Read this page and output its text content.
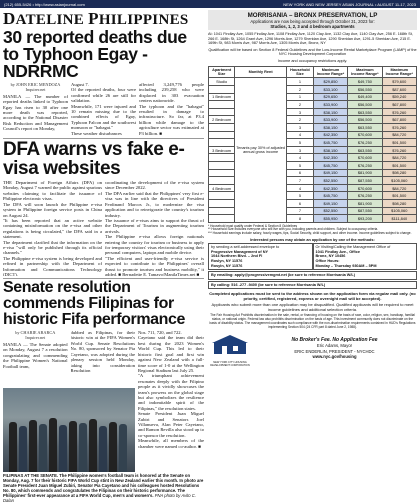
(212) 655-5426 • http://www.asianjournal.com	NEW YORK AND NEW JERSEY ASIAN JOURNAL • AUGUST 11-17, 2023
DATELINE PHILIPPINES
30 reported deaths due to Typhoon Egay - NDRRMC
by JOHN ERIC MENDOZA
Inquirer.net
MANILA — The number of reported deaths linked to Typhoon Egay has risen to 30 after one more death was reported, according to the National Disaster Risk Reduction and Management Council's report on Monday,
August 7.
Of the reported deaths, four were confirmed while 26 are still for validation.
Meanwhile, 171 were injured and 10 remain missing due to the combined effects of Egay, Typhoon Falcon and the southwest monsoon or "habagat."
These weather disturbances
affected 3,249,776 people including 239,258 who were displaced in 303 evacuation centers nationwide.
The typhoon and the "habagat" resulted in damage to infrastructure. So far, at P3.4 billion while damage to the agriculture sector was estimated at P3 billion. ■
DFA warns vs fake e-visa websites
THE Department of Foreign Affairs (DFA) on Monday, August 7 warned the public against spurious websites claiming to facilitate the issuance of Philippine electronic visas.
The DFA will soon launch the Philippine e-visa system in Philippine foreign service posts in China on August 24.
"It has been reported that an active website containing misinformation on the e-visa and other regulations is being circulated," the DFA said in a statement.
The department clarified that the information on the e-visa "will only be published through its official channels."
The Philippine e-visa system is being developed and refined in partnership with the Department of Information and Communications Technology (DICT).

coordinating the development of the e-visa system since December 2022.
The DFA earlier said that the Philippines' very first e-visa was in line with the directives of President Ferdinand Marcos Jr., to modernize the visa application and to reinvigorate the country's tourism industry.
The issuance of e-visas aims to support the thrust of the Department of Tourism in augmenting tourism arrivals.
The Philippine e-visa allows foreign nationals entering the country for tourism or business to apply for temporary visitors' visas electronically using their personal computers, laptops and mobile device.
"The efficient and user-friendly e-visa service is expected to contribute to the Philippines' overall thrust to promote tourism and business mobility," it added. ■ Bernadette E. Tamayo/ManilaTimes.net ■
Senate resolution commends Filipinas for historic Fifa performance
by CHARIE ABARCA
Inquirer.net
MANILA — The Senate adopted on Monday, August 7 a resolution congratulating and commending the Philippine Women's National Football team,
dubbed as Filipinas, for their historic win at the FIFA Women's World Cup. Senate Resolutions No. 80, sponsored by Senator Pia Cayetano, was adopted during the plenary session held Monday, taking into consideration Resolution
Nos. 711, 720, and 722.
Cayetano said the team did their best during the 2023 Women's World Cup. This led to their historic first goal and first win against New Zealand with a full-time score of 1-0 at the Wellington Regional Stadium last July 25.
"A triumphant achievement resonates deeply with the Filipino people as it vividly showcases the team's prowess on the global stage but also symbolizes the resilience and indomitable spirit of the Filipinas," the resolution states.
Senate President Juan Miguel Zubiri and Senators Joel Villanueva, Alan Peter Cayetano, and Ramon Revilla also stood up to co-sponsor the resolution.
Meanwhile, all members of the chamber were named co-author. ■
FILIPINAS AT THE SENATE. The Philippine women's football team is honored at the Senate on Monday, Aug. 7 for their historic FIFA World Cup stint in New Zealand earlier this month. In photo are Senate President Juan Miguel Zubiri, Senator Pia Cayetano and his colleagues hosted Resolutions No. 80, which commends and congratulates the Filipinas on their historic performance. The Philippines' first-ever appearance at a FIFA World Cup, men's and women's. PNA photo by Avito C. Dalan
MORRISANIA – BRONX PRESERVATION, LP
Applications are now being accepted through October 31, 2023 for:
Studios, 1, 2, 3 and 4 bedroom apartments
At: 1041 Findlay Ave, 1055 Findlay Ave, 1108 Findlay Ave, 1120 Clay Ave, 1132 Clay Ave, 1140 Clay Ave, 256 E. 168th St, 266 E. 168th St, 1264 Grant Ave, 1296 Morris Ave, 1279 Sheridan Ave, 1290 Sheridan Ave, 1291-5 Sheridan Ave, 215 E. 169th St, 983 Morris Ave, 987 Morris Ave, 1305 Morris Ave, Bronx, NY
Qualification will be based on Section 8 Federal Guidelines and the Low-Income Rental Marketplace Program (LAMP) of the NYC Housing Development Corporation
Income and occupancy restrictions apply.
Apartment Size	Monthly Rent	Household Size	Maximum Income Range*	Maximum Income Range*	Maximum Income Range*
Studio	Tenants pay 30% of adjusted annual gross income	1	$29,850	$49,750	$79,600
		2	$33,100	$56,550	$87,600
1 Bedroom		1	$29,650	$49,400	$59,240
		2	$33,900	$56,500	$67,800
		3	$38,150	$63,550	$76,260
2 Bedroom		2	$33,900	$56,500	$67,800
		3	$38,150	$63,550	$76,260
		4	$42,350	$70,600	$84,720
		5	$45,750	$76,250	$91,500
3 Bedroom		3	$38,150	$63,550	$76,260
		4	$42,350	$70,600	$84,720
		5	$45,750	$76,250	$91,500
		6	$49,150	$81,900	$98,280
		7	$52,550	$87,550	$105,060
4 Bedroom		4	$42,350	$70,600	$84,720
		5	$45,750	$76,250	$91,500
		6	$49,150	$81,900	$98,280
		7	$52,550	$87,550	$105,060
		8	$55,950	$93,200	$111,840
* Household must qualify under Federal & Section 8 Guidelines
** Household Size includes everyone who will live with you, including parents and children. Subject to occupancy criteria.
*** Household earnings include salary, hourly wages, tips, Social Security, child support, and other income. Income guidelines subject to change.
Interested persons may obtain an application by one of the methods:
by sending a self-addressed envelope to
Progressive Management of NY
1044 Northern Blvd. – 2nd Fl
Roslyn, NY 11576
Rosyln, NY 11576
Or Visiting/Calling the Management Office of
1041 Findlay Ave., Office
Bronx, NY 10456
Office Hours:
Monday – Thursday 930AM – 5PM
By emailing: apply@progressivemgmt.net (be sure to reference Morrisania W/L)
By calling: 516 -277 -9400 (be sure to reference Morrisania W/L)
Completed applications must be sent to the address shown on the application form via regular mail only. (no priority, certified, registered, express or overnight mail will be accepted).
Applicants who submit more than one application may be disqualified. Qualified applicants will be required to meet income guidelines and additional selection criteria.
The Fair Housing Act Prohibits discrimination in the sale, rental, or financing of housing on the basis of race, color, religion, sex, handicap, familial status, or national origin. Federal law also prohibits discrimination on the basis of age. This investment community does not discriminate on the basis of disability status. The management coordinates such compliance with the non-discrimination requirements contained in HUD's Regulations implementing Section 504 (24 CFR part 8 dated June 2, 1988).
NEW YORK CITY HOUSING DEVELOPMENT CORPORATION
No Broker's Fee. No Application Fee
Eric Adams, Mayor
ERIC ENDERLIN, PRESIDENT - NYCHDC
www.nyc.gov/housing
